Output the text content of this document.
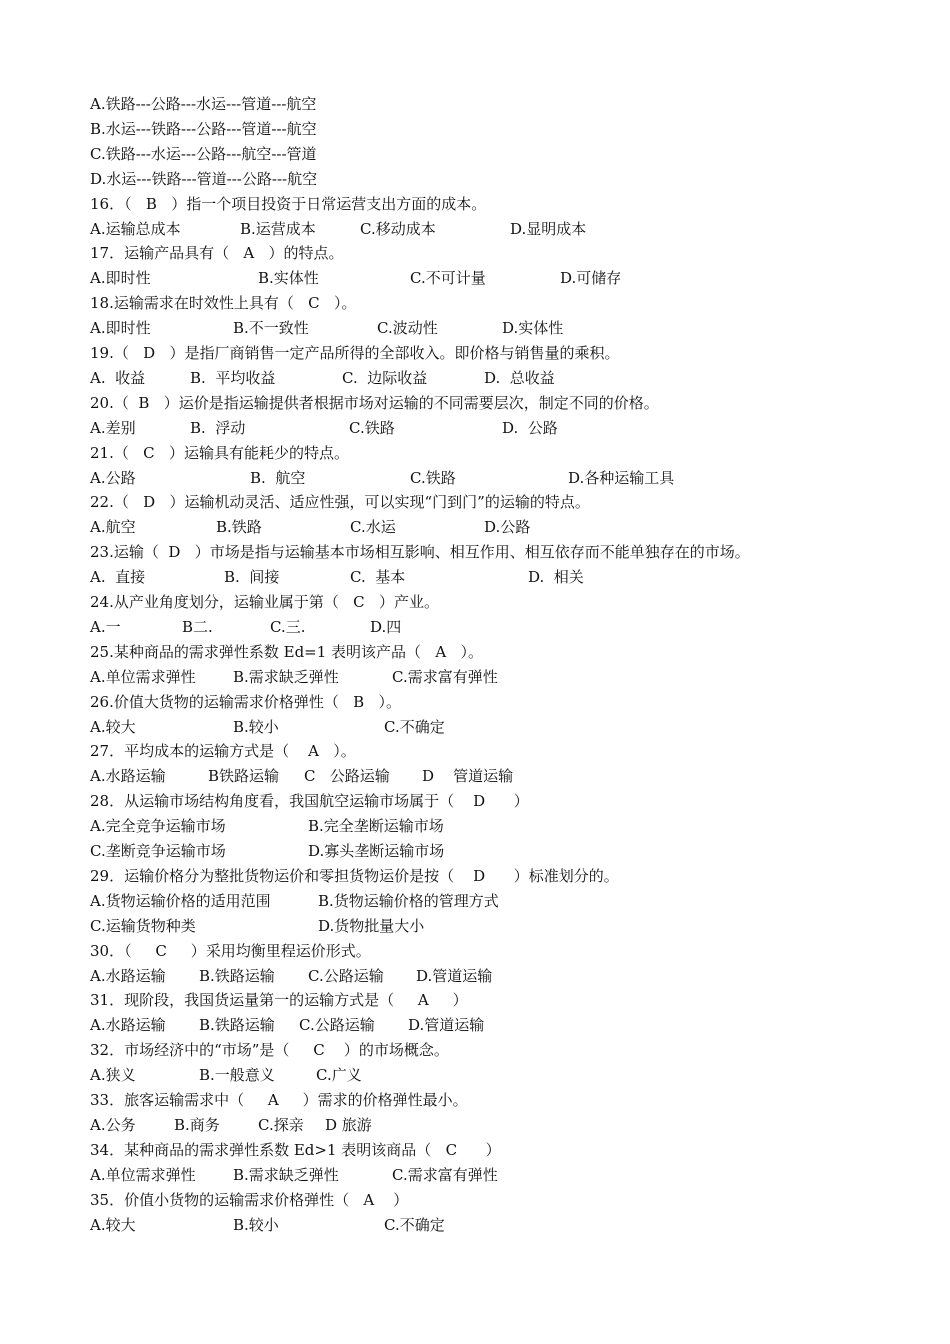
A.铁路---公路---水运---管道---航空
B.水运---铁路---公路---管道---航空
C.铁路---水运---公路---航空---管道
D.水运---铁路---管道---公路---航空
16．（   B   ）指一个项目投资于日常运营支出方面的成本。
A.运输总成本	B.运营成本	C.移动成本	D.显明成本
17．运输产品具有（   A   ）的特点。
A.即时性	B.实体性	C.不可计量	D.可储存
18.运输需求在时效性上具有（   C   ）。
A.即时性	B.不一致性	C.波动性	D.实体性
19.（   D   ）是指厂商销售一定产品所得的全部收入。即价格与销售量的乘积。
A.  收益	B.  平均收益	C.  边际收益	D.  总收益
20.（  B   ）运价是指运输提供者根据市场对运输的不同需要层次，制定不同的价格。
A.差别	B.  浮动	C.铁路	D.  公路
21.（   C   ）运输具有能耗少的特点。
A.公路	B.  航空	C.铁路	D.各种运输工具
22.（   D   ）运输机动灵活、适应性强，可以实现“门到门”的运输的特点。
A.航空	B.铁路	C.水运	D.公路
23.运输（  D   ）市场是指与运输基本市场相互影响、相互作用、相互依存而不能单独存在的市场。
A.  直接	B.  间接	C.  基本	D.  相关
24.从产业角度划分，运输业属于第（   C   ）产业。
A.一	B二.	C.三.	D.四
25.某种商品的需求弹性系数 Ed=1 表明该产品（   A   ）。
A.单位需求弹性 B.需求缺乏弹性	C.需求富有弹性
26.价值大货物的运输需求价格弹性（   B   ）。
A.较大	B.较小	C.不确定
27．平均成本的运输方式是（    A   ）。
A.水路运输	B铁路运输 C   公路运输 D    管道运输
28．从运输市场结构角度看，我国航空运输市场属于（    D      ）
A.完全竞争运输市场	B.完全垄断运输市场
C.垄断竞争运输市场	D.寡头垄断运输市场
29．运输价格分为整批货物运价和零担货物运价是按（    D      ）标准划分的。
A.货物运输价格的适用范围	B.货物运输价格的管理方式
C.运输货物种类	D.货物批量大小
30．（     C     ）采用均衡里程运价形式。
A.水路运输 B.铁路运输 C.公路运输 D.管道运输
31．现阶段，我国货运量第一的运输方式是（     A     ）
A.水路运输 B.铁路运输 C.公路运输 D.管道运输
32．市场经济中的“市场”是（     C    ）的市场概念。
A.狭义	B.一般意义	C.广义
33．旅客运输需求中（     A     ）需求的价格弹性最小。
A.公务	B.商务	C.探亲 D 旅游
34．某种商品的需求弹性系数 Ed>1 表明该商品（   C      ）
A.单位需求弹性 B.需求缺乏弹性	C.需求富有弹性
35．价值小货物的运输需求价格弹性（   A    ）
A.较大	B.较小	C.不确定
